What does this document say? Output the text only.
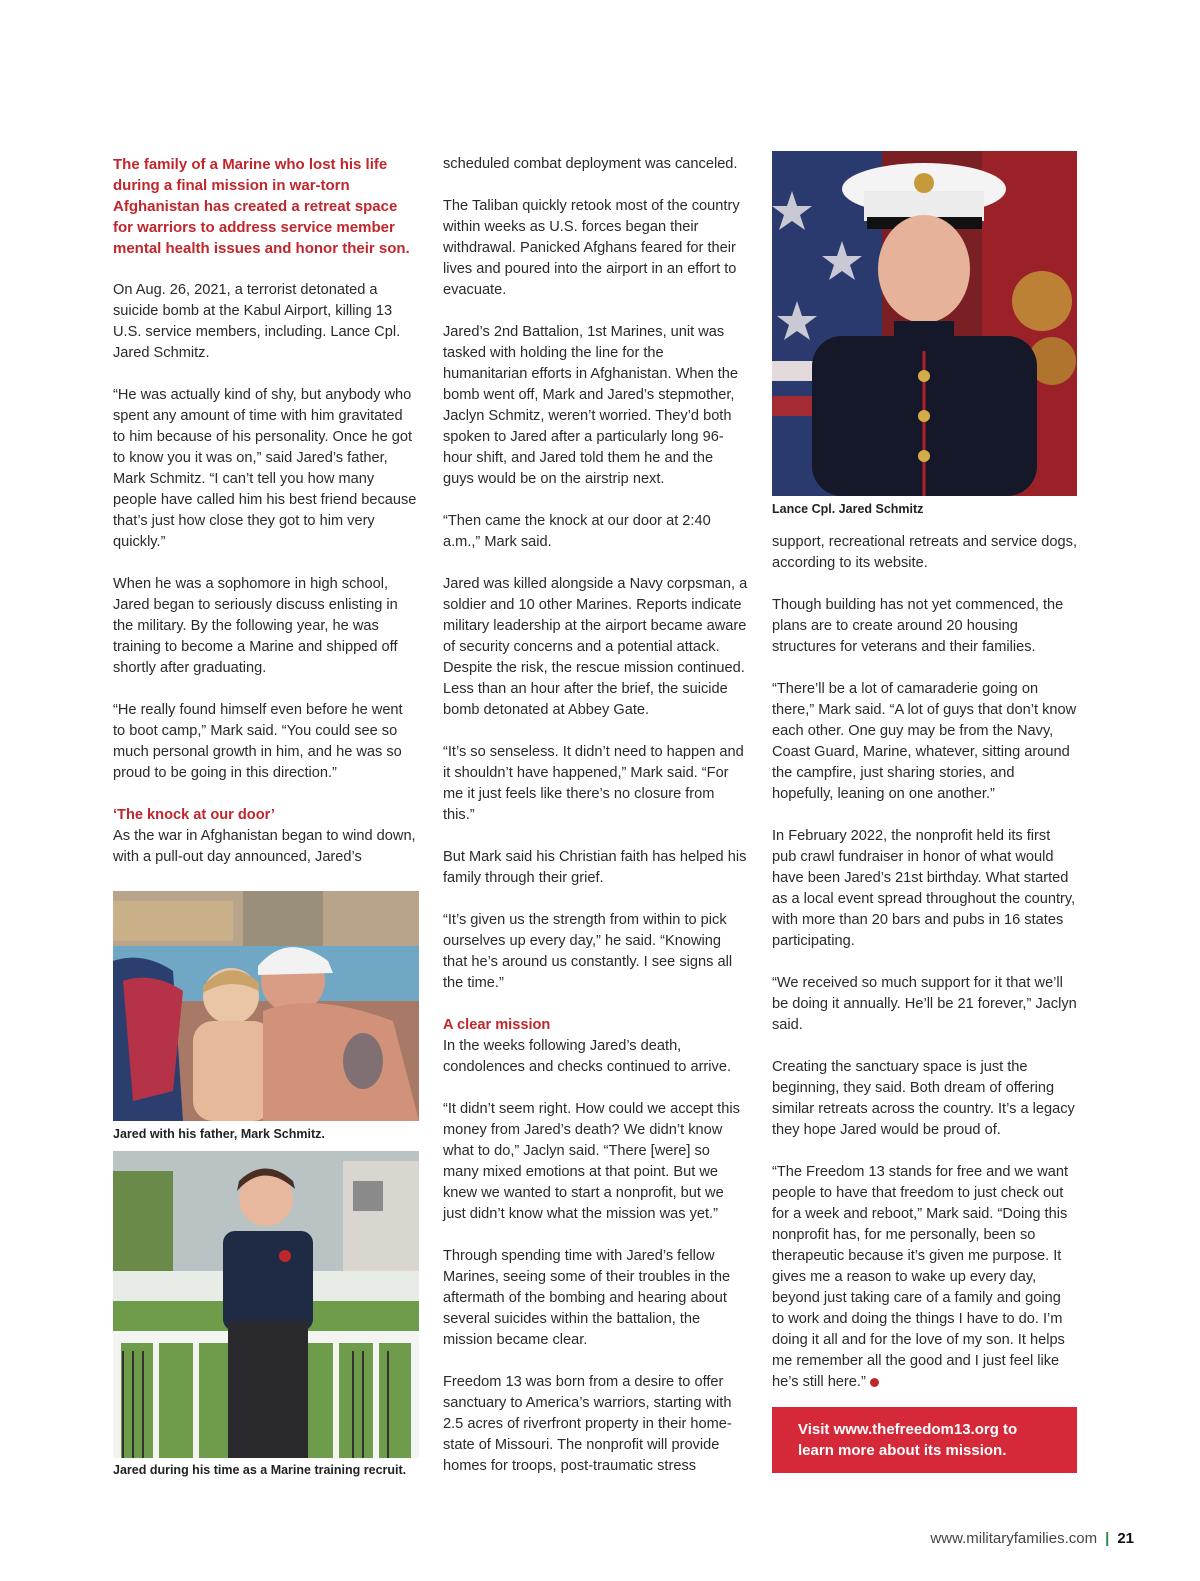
The family of a Marine who lost his life during a final mission in war-torn Afghanistan has created a retreat space for warriors to address service member mental health issues and honor their son.

On Aug. 26, 2021, a terrorist detonated a suicide bomb at the Kabul Airport, killing 13 U.S. service members, including. Lance Cpl. Jared Schmitz.

“He was actually kind of shy, but anybody who spent any amount of time with him gravitated to him because of his personality. Once he got to know you it was on,” said Jared’s father, Mark Schmitz. “I can’t tell you how many people have called him his best friend because that’s just how close they got to him very quickly.”

When he was a sophomore in high school, Jared began to seriously discuss enlisting in the military. By the following year, he was training to become a Marine and shipped off shortly after graduating.

“He really found himself even before he went to boot camp,” Mark said. “You could see so much personal growth in him, and he was so proud to be going in this direction.”

‘The knock at our door’
As the war in Afghanistan began to wind down, with a pull-out day announced, Jared’s

Jared with his father, Mark Schmitz.
Jared during his time as a Marine training recruit.

scheduled combat deployment was canceled.

The Taliban quickly retook most of the country within weeks as U.S. forces began their withdrawal. Panicked Afghans feared for their lives and poured into the airport in an effort to evacuate.

Jared’s 2nd Battalion, 1st Marines, unit was tasked with holding the line for the humanitarian efforts in Afghanistan. When the bomb went off, Mark and Jared’s stepmother, Jaclyn Schmitz, weren’t worried. They’d both spoken to Jared after a particularly long 96-hour shift, and Jared told them he and the guys would be on the airstrip next.

“Then came the knock at our door at 2:40 a.m.,” Mark said.

Jared was killed alongside a Navy corpsman, a soldier and 10 other Marines. Reports indicate military leadership at the airport became aware of security concerns and a potential attack. Despite the risk, the rescue mission continued. Less than an hour after the brief, the suicide bomb detonated at Abbey Gate.

“It’s so senseless. It didn’t need to happen and it shouldn’t have happened,” Mark said. “For me it just feels like there’s no closure from this.”

But Mark said his Christian faith has helped his family through their grief.

“It’s given us the strength from within to pick ourselves up every day,” he said. “Knowing that he’s around us constantly. I see signs all the time.”

A clear mission
In the weeks following Jared’s death, condolences and checks continued to arrive.

“It didn’t seem right. How could we accept this money from Jared’s death? We didn’t know what to do,” Jaclyn said. “There [were] so many mixed emotions at that point. But we knew we wanted to start a nonprofit, but we just didn’t know what the mission was yet.”

Through spending time with Jared’s fellow Marines, seeing some of their troubles in the aftermath of the bombing and hearing about several suicides within the battalion, the mission became clear.

Freedom 13 was born from a desire to offer sanctuary to America’s warriors, starting with 2.5 acres of riverfront property in their home-state of Missouri. The nonprofit will provide homes for troops, post-traumatic stress

Lance Cpl. Jared Schmitz

support, recreational retreats and service dogs, according to its website.

Though building has not yet commenced, the plans are to create around 20 housing structures for veterans and their families.

“There’ll be a lot of camaraderie going on there,” Mark said. “A lot of guys that don’t know each other. One guy may be from the Navy, Coast Guard, Marine, whatever, sitting around the campfire, just sharing stories, and hopefully, leaning on one another.”

In February 2022, the nonprofit held its first pub crawl fundraiser in honor of what would have been Jared’s 21st birthday. What started as a local event spread throughout the country, with more than 20 bars and pubs in 16 states participating.

“We received so much support for it that we’ll be doing it annually. He’ll be 21 forever,” Jaclyn said.

Creating the sanctuary space is just the beginning, they said. Both dream of offering similar retreats across the country. It’s a legacy they hope Jared would be proud of.

“The Freedom 13 stands for free and we want people to have that freedom to just check out for a week and reboot,” Mark said. “Doing this nonprofit has, for me personally, been so therapeutic because it’s given me purpose. It gives me a reason to wake up every day, beyond just taking care of a family and going to work and doing the things I have to do. I’m doing it all and for the love of my son. It helps me remember all the good and I just feel like he’s still here.”

Visit www.thefreedom13.org to learn more about its mission.
www.militaryfamilies.com | 21
